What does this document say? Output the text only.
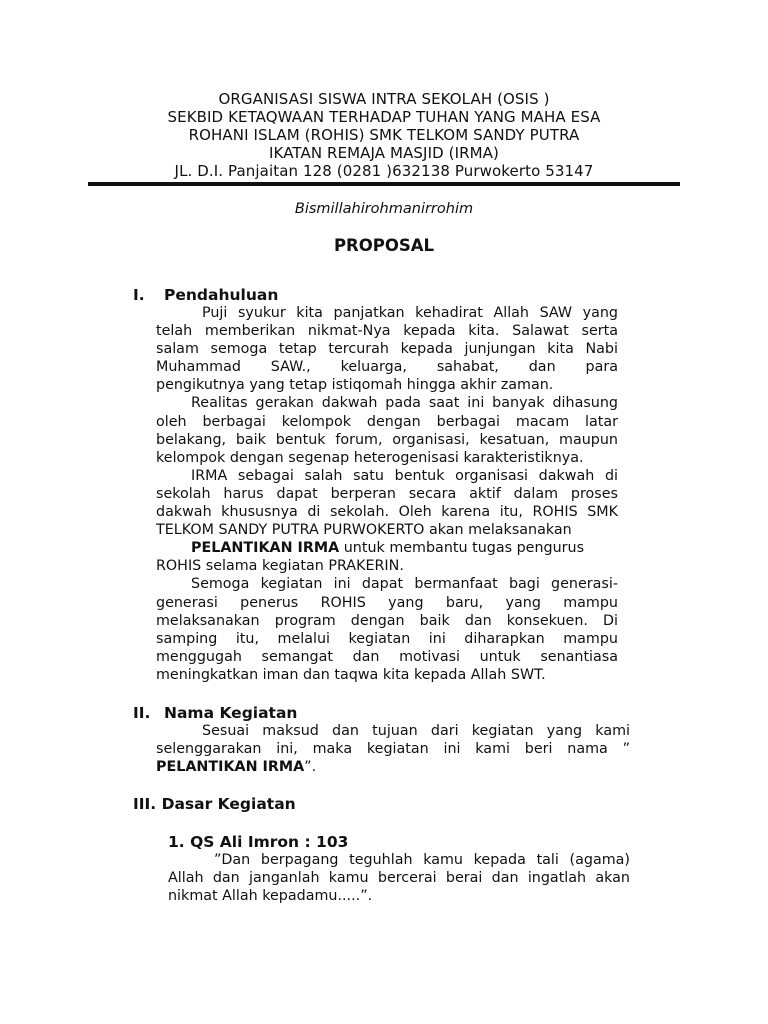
ORGANISASI SISWA INTRA SEKOLAH (OSIS )
SEKBID KETAQWAAN TERHADAP TUHAN YANG MAHA ESA
ROHANI ISLAM (ROHIS) SMK TELKOM SANDY PUTRA
IKATAN REMAJA MASJID (IRMA)
JL. D.I. Panjaitan 128 (0281 )632138 Purwokerto 53147
Bismillahirohmanirrohim
PROPOSAL
I. Pendahuluan
Puji syukur kita panjatkan kehadirat Allah SAW yang
telah memberikan nikmat-Nya kepada kita. Salawat serta
salam semoga tetap tercurah kepada junjungan kita Nabi
Muhammad SAW., keluarga, sahabat, dan para
pengikutnya yang tetap istiqomah hingga akhir zaman.
Realitas gerakan dakwah pada saat ini banyak dihasung
oleh berbagai kelompok dengan berbagai macam latar
belakang, baik bentuk forum, organisasi, kesatuan, maupun
kelompok dengan segenap heterogenisasi karakteristiknya.
IRMA sebagai salah satu bentuk organisasi dakwah di
sekolah harus dapat berperan secara aktif dalam proses
dakwah khususnya di sekolah. Oleh karena itu, ROHIS SMK
TELKOM SANDY PUTRA PURWOKERTO akan melaksanakan
PELANTIKAN IRMA untuk membantu tugas pengurus
ROHIS selama kegiatan PRAKERIN.
Semoga kegiatan ini dapat bermanfaat bagi generasi-
generasi penerus ROHIS yang baru, yang mampu
melaksanakan program dengan baik dan konsekuen. Di
samping itu, melalui kegiatan ini diharapkan mampu
menggugah semangat dan motivasi untuk senantiasa
meningkatkan iman dan taqwa kita kepada Allah SWT.
II. Nama Kegiatan
Sesuai maksud dan tujuan dari kegiatan yang kami
selenggarakan ini, maka kegiatan ini kami beri nama ”
PELANTIKAN IRMA”.
III. Dasar Kegiatan
1. QS Ali Imron : 103
”Dan berpagang teguhlah kamu kepada tali (agama)
Allah dan janganlah kamu bercerai berai dan ingatlah akan
nikmat Allah kepadamu.....”.
